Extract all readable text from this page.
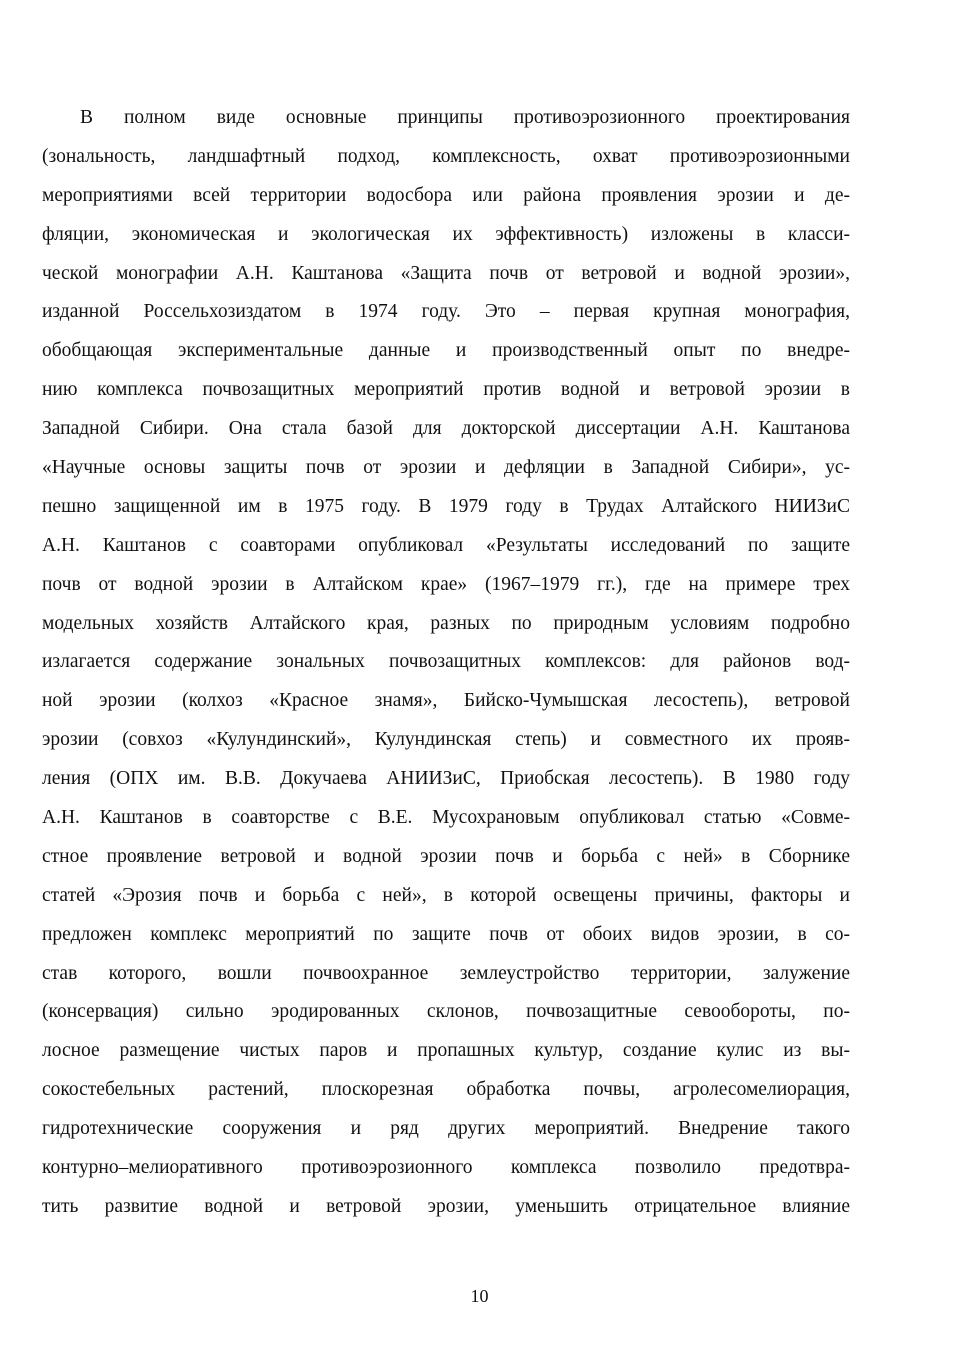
В полном виде основные принципы противоэрозионного проектирования
(зональность, ландшафтный подход, комплексность, охват противоэрозионными
мероприятиями всей территории водосбора или района проявления эрозии и де-
фляции, экономическая и экологическая их эффективность) изложены в класси-
ческой монографии А.Н. Каштанова «Защита почв от ветровой и водной эрозии»,
изданной Россельхозиздатом в 1974 году. Это – первая крупная монография,
обобщающая экспериментальные данные и производственный опыт по внедре-
нию комплекса почвозащитных мероприятий против водной и ветровой эрозии в
Западной Сибири. Она стала базой для докторской диссертации А.Н. Каштанова
«Научные основы защиты почв от эрозии и дефляции в Западной Сибири», ус-
пешно защищенной им в 1975 году. В 1979 году в Трудах Алтайского НИИЗиС
А.Н. Каштанов с соавторами опубликовал «Результаты исследований по защите
почв от водной эрозии в Алтайском крае» (1967–1979 гг.), где на примере трех
модельных хозяйств Алтайского края, разных по природным условиям подробно
излагается содержание зональных почвозащитных комплексов: для районов вод-
ной эрозии (колхоз «Красное знамя», Бийско-Чумышская лесостепь), ветровой
эрозии (совхоз «Кулундинский», Кулундинская степь) и совместного их прояв-
ления (ОПХ им. В.В. Докучаева АНИИЗиС, Приобская лесостепь). В 1980 году
А.Н. Каштанов в соавторстве с В.Е. Мусохрановым опубликовал статью «Совме-
стное проявление ветровой и водной эрозии почв и борьба с ней» в Сборнике
статей «Эрозия почв и борьба с ней», в которой освещены причины, факторы и
предложен комплекс мероприятий по защите почв от обоих видов эрозии, в со-
став которого, вошли почвоохранное землеустройство территории, залужение
(консервация) сильно эродированных склонов, почвозащитные севообороты, по-
лосное размещение чистых паров и пропашных культур, создание кулис из вы-
сокостебельных растений, плоскорезная обработка почвы, агролесомелиорация,
гидротехнические сооружения и ряд других мероприятий. Внедрение такого
контурно–мелиоративного противоэрозионного комплекса позволило предотвра-
тить развитие водной и ветровой эрозии, уменьшить отрицательное влияние
10
